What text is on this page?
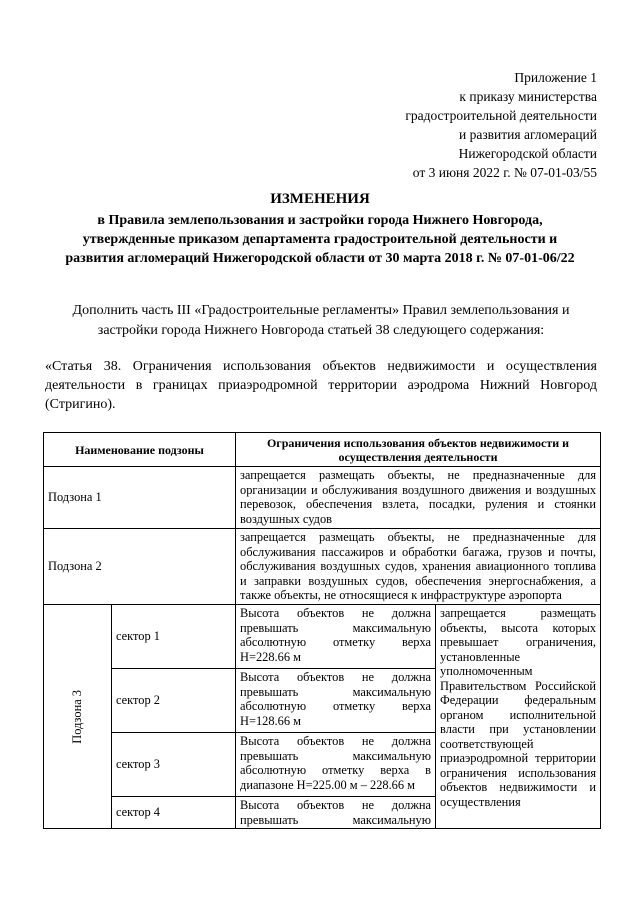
Приложение 1
к приказу министерства
градостроительной деятельности
и развития агломераций
Нижегородской области
от 3 июня 2022 г. № 07-01-03/55
ИЗМЕНЕНИЯ
в Правила землепользования и застройки города Нижнего Новгорода, утвержденные приказом департамента градостроительной деятельности и развития агломераций Нижегородской области от 30 марта 2018 г. № 07-01-06/22
Дополнить часть III «Градостроительные регламенты» Правил землепользования и застройки города Нижнего Новгорода статьей 38 следующего содержания:
«Статья 38. Ограничения использования объектов недвижимости и осуществления деятельности в границах приаэродромной территории аэродрома Нижний Новгород (Стригино).
Наименование подзоны		Ограничения использования объектов недвижимости и осуществления деятельности	
Подзона 1		запрещается размещать объекты, не предназначенные для организации и обслуживания воздушного движения и воздушных перевозок, обеспечения взлета, посадки, руления и стоянки воздушных судов	
Подзона 2		запрещается размещать объекты, не предназначенные для обслуживания пассажиров и обработки багажа, грузов и почты, обслуживания воздушных судов, хранения авиационного топлива и заправки воздушных судов, обеспечения энергоснабжения, а также объекты, не относящиеся к инфраструктуре аэропорта	

Подзона 3	сектор 1	Высота объектов не должна превышать максимальную абсолютную отметку верха Н=228.66 м	запрещается размещать объекты, высота которых превышает ограничения, установленные уполномоченным Правительством Российской Федерации федеральным органом исполнительной власти при установлении соответствующей приаэродромной территории ограничения использования объектов недвижимости и осуществления
	сектор 2	Высота объектов не должна превышать максимальную абсолютную отметку верха Н=128.66 м	
	сектор 3	Высота объектов не должна превышать максимальную абсолютную отметку верха в диапазоне Н=225.00 м – 228.66 м	
	сектор 4	Высота объектов не должна превышать максимальную	
